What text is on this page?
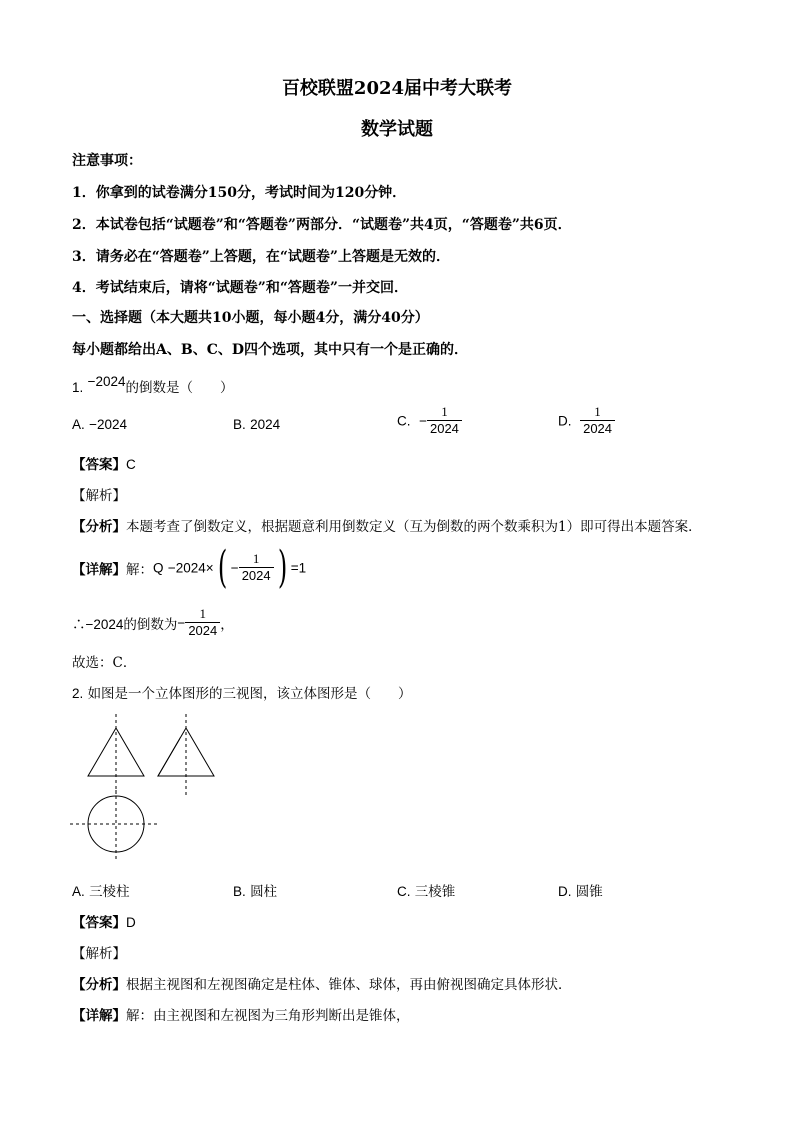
百校联盟2024届中考大联考
数学试题
注意事项：
1．你拿到的试卷满分150分，考试时间为120分钟．
2．本试卷包括“试题卷”和“答题卷”两部分．“试题卷”共4页，“答题卷”共6页．
3．请务必在“答题卷”上答题，在“试题卷”上答题是无效的．
4．考试结束后，请将“试题卷”和“答题卷”一并交回．
一、选择题（本大题共10小题，每小题4分，满分40分）
每小题都给出A、B、C、D四个选项，其中只有一个是正确的．
1. −2024的倒数是（　　）
A. −2024	B. 2024	C. − $\frac{1}{2024}$	D. $\frac{1}{2024}$
【答案】C
【解析】
【分析】本题考查了倒数定义，根据题意利用倒数定义（互为倒数的两个数乘积为1）即可得出本题答案．
【详解】解：$Q -2024\times( - \frac{1}{2024}$ ) =1
∴−2024的倒数为− $\frac{1}{2024}$ ，
故选：C．
2. 如图是一个立体图形的三视图，该立体图形是（　　）
A. 三棱柱	B. 圆柱	C. 三棱锥	D. 圆锥
【答案】D
【解析】
【分析】根据主视图和左视图确定是柱体、锥体、球体，再由俯视图确定具体形状．
【详解】解：由主视图和左视图为三角形判断出是锥体，
